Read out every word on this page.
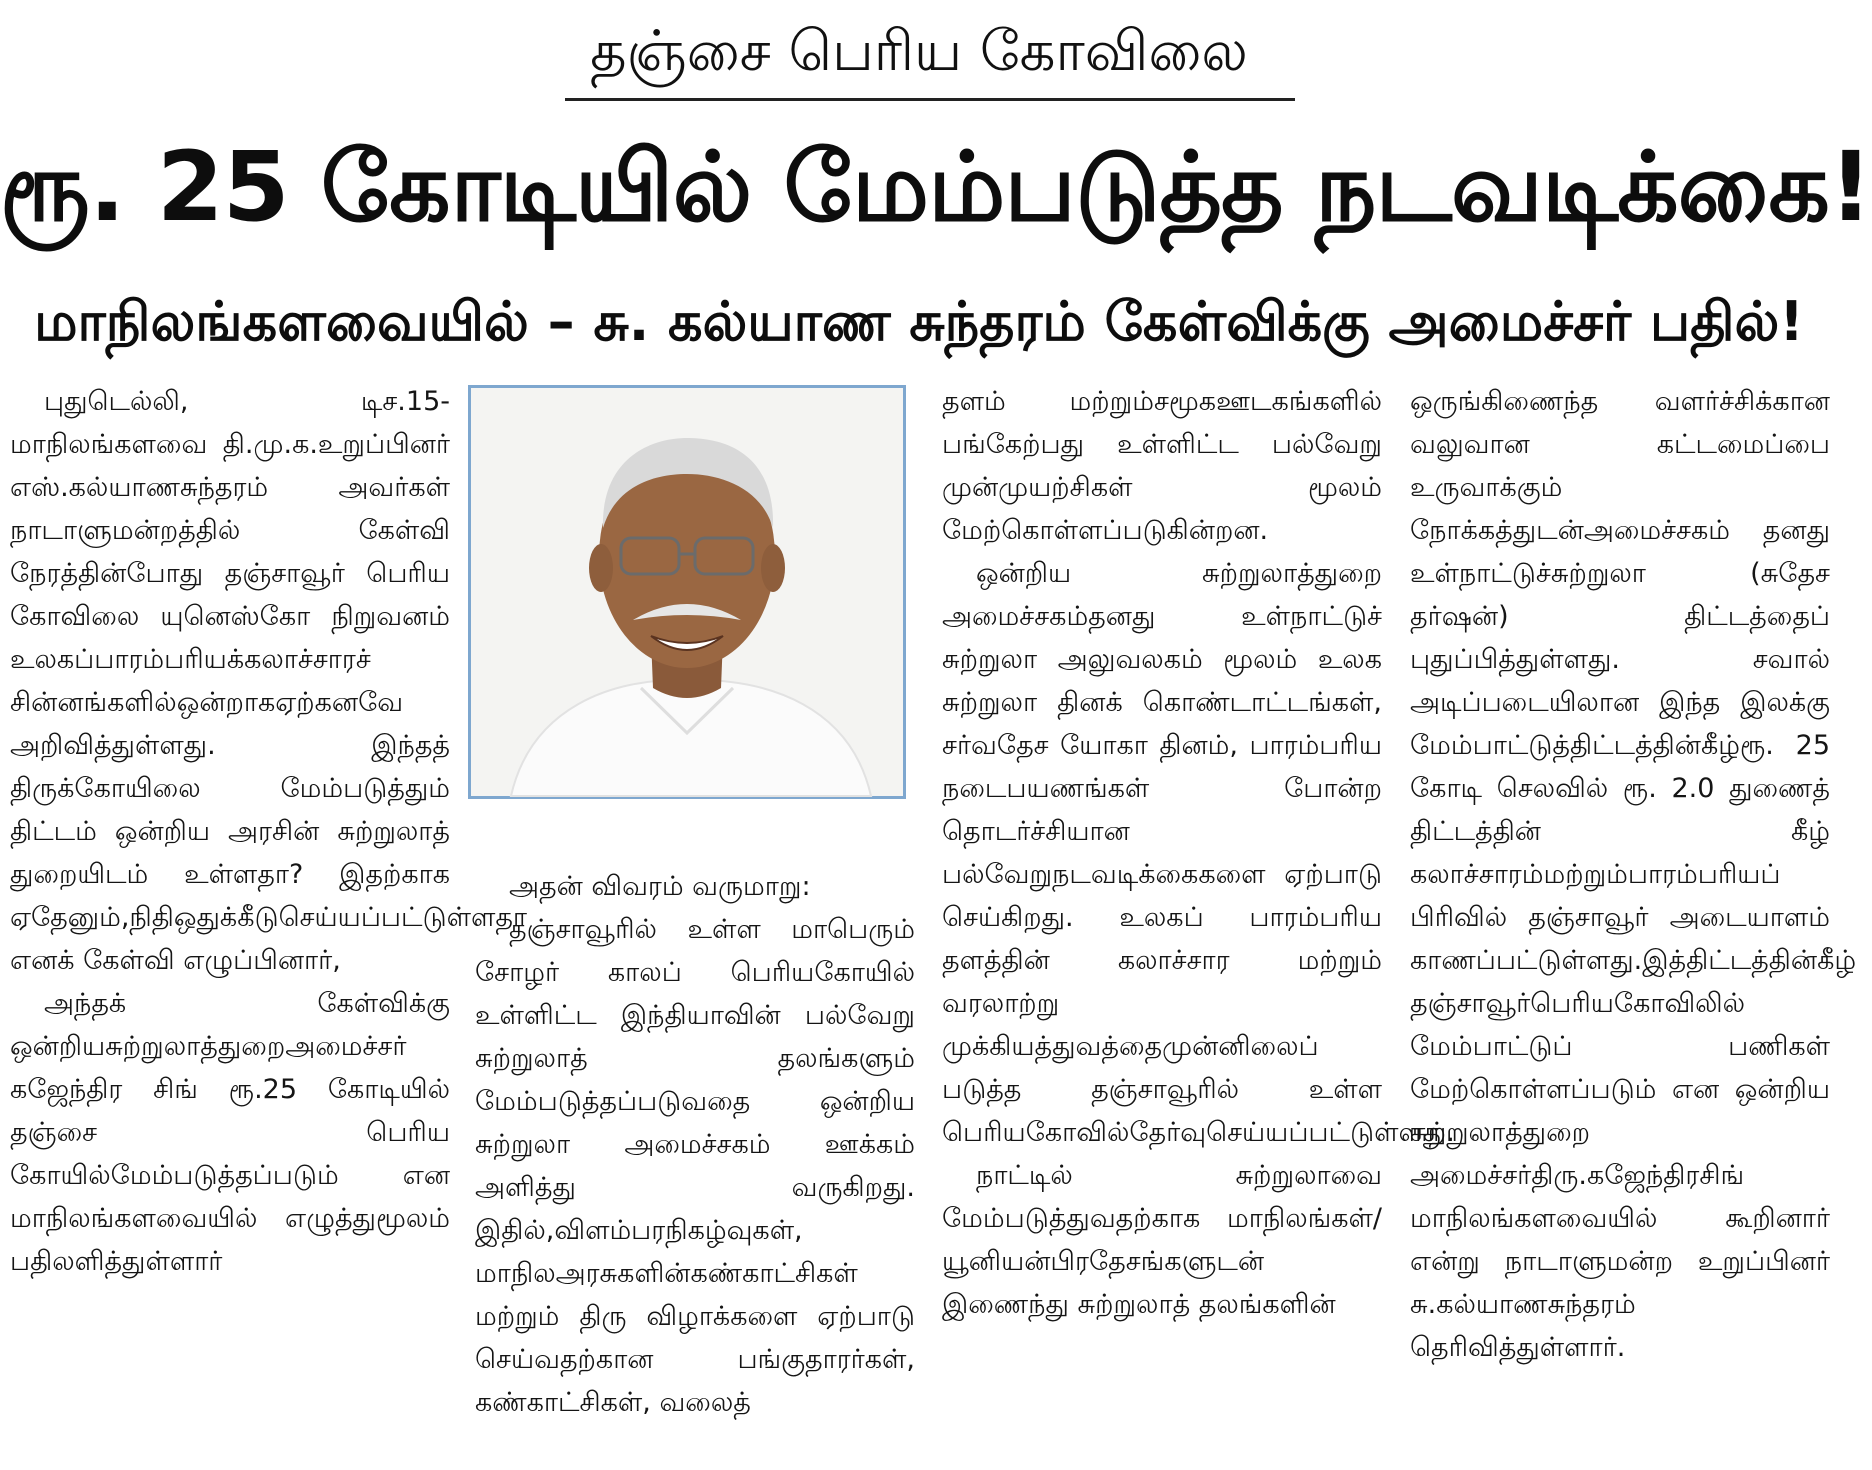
தஞ்சை பெரிய கோவிலை
ரூ. 25 கோடியில் மேம்படுத்த நடவடிக்கை!
மாநிலங்களவையில் – சு. கல்யாண சுந்தரம் கேள்விக்கு அமைச்சர் பதில்!

புதுடெல்லி, டிச.15- மாநிலங்களவை தி.மு.க.உறுப்பினர் எஸ்.கல்யாணசுந்தரம் அவர்கள் நாடாளுமன்றத்தில் கேள்வி நேரத்தின்போது தஞ்சாவூர் பெரிய கோவிலை யுனெஸ்கோ நிறுவனம் உலகப்பாரம்பரியக்கலாச்சாரச் சின்னங்களில்ஒன்றாகஏற்கனவே அறிவித்துள்ளது. இந்தத் திருக்கோயிலை மேம்படுத்தும் திட்டம் ஒன்றிய அரசின் சுற்றுலாத் துறையிடம் உள்ளதா? இதற்காக ஏதேனும்,நிதிஒதுக்கீடுசெய்யப்பட்டுள்ளதா எனக் கேள்வி எழுப்பினார்,

அந்தக் கேள்விக்கு ஒன்றியசுற்றுலாத்துறைஅமைச்சர் கஜேந்திர சிங் ரூ.25 கோடியில் தஞ்சை பெரிய கோயில்மேம்படுத்தப்படும் என மாநிலங்களவையில் எழுத்துமூலம் பதிலளித்துள்ளார்

அதன் விவரம் வருமாறு:

தஞ்சாவூரில் உள்ள மாபெரும் சோழர் காலப் பெரியகோயில் உள்ளிட்ட இந்தியாவின் பல்வேறு சுற்றுலாத் தலங்களும் மேம்படுத்தப்படுவதை ஒன்றிய சுற்றுலா அமைச்சகம் ஊக்கம் அளித்து வருகிறது. இதில்,விளம்பரநிகழ்வுகள், மாநிலஅரசுகளின்கண்காட்சிகள் மற்றும் திரு விழாக்களை ஏற்பாடு செய்வதற்கான பங்குதாரர்கள், கண்காட்சிகள், வலைத்

தளம் மற்றும்சமூகஊடகங்களில் பங்கேற்பது உள்ளிட்ட பல்வேறு முன்முயற்சிகள் மூலம் மேற்கொள்ளப்படுகின்றன.

ஒன்றிய சுற்றுலாத்துறை அமைச்சகம்தனது உள்நாட்டுச் சுற்றுலா அலுவலகம் மூலம் உலக சுற்றுலா தினக் கொண்டாட்டங்கள், சர்வதேச யோகா தினம், பாரம்பரிய நடைபயணங்கள் போன்ற தொடர்ச்சியான பல்வேறுநடவடிக்கைகளை ஏற்பாடு செய்கிறது. உலகப் பாரம்பரிய தளத்தின் கலாச்சார மற்றும் வரலாற்று முக்கியத்துவத்தைமுன்னிலைப் படுத்த தஞ்சாவூரில் உள்ள பெரியகோவில்தேர்வுசெய்யப்பட்டுள்ளது.

நாட்டில் சுற்றுலாவை மேம்படுத்துவதற்காக மாநிலங்கள்/யூனியன்பிரதேசங்களுடன் இணைந்து சுற்றுலாத் தலங்களின்

ஒருங்கிணைந்த வளர்ச்சிக்கான வலுவான கட்டமைப்பை உருவாக்கும் நோக்கத்துடன்அமைச்சகம் தனது உள்நாட்டுச்சுற்றுலா (சுதேச தர்ஷன்) திட்டத்தைப் புதுப்பித்துள்ளது. சவால் அடிப்படையிலான இந்த இலக்கு மேம்பாட்டுத்திட்டத்தின்கீழ்ரூ. 25 கோடி செலவில் ரூ. 2.0 துணைத் திட்டத்தின் கீழ் கலாச்சாரம்மற்றும்பாரம்பரியப் பிரிவில் தஞ்சாவூர் அடையாளம் காணப்பட்டுள்ளது.இத்திட்டத்தின்கீழ் தஞ்சாவூர்பெரியகோவிலில் மேம்பாட்டுப் பணிகள் மேற்கொள்ளப்படும் என ஒன்றிய சுற்றுலாத்துறை அமைச்சர்திரு.கஜேந்திரசிங் மாநிலங்களவையில் கூறினார் என்று நாடாளுமன்ற உறுப்பினர் சு.கல்யாணசுந்தரம் தெரிவித்துள்ளார்.
